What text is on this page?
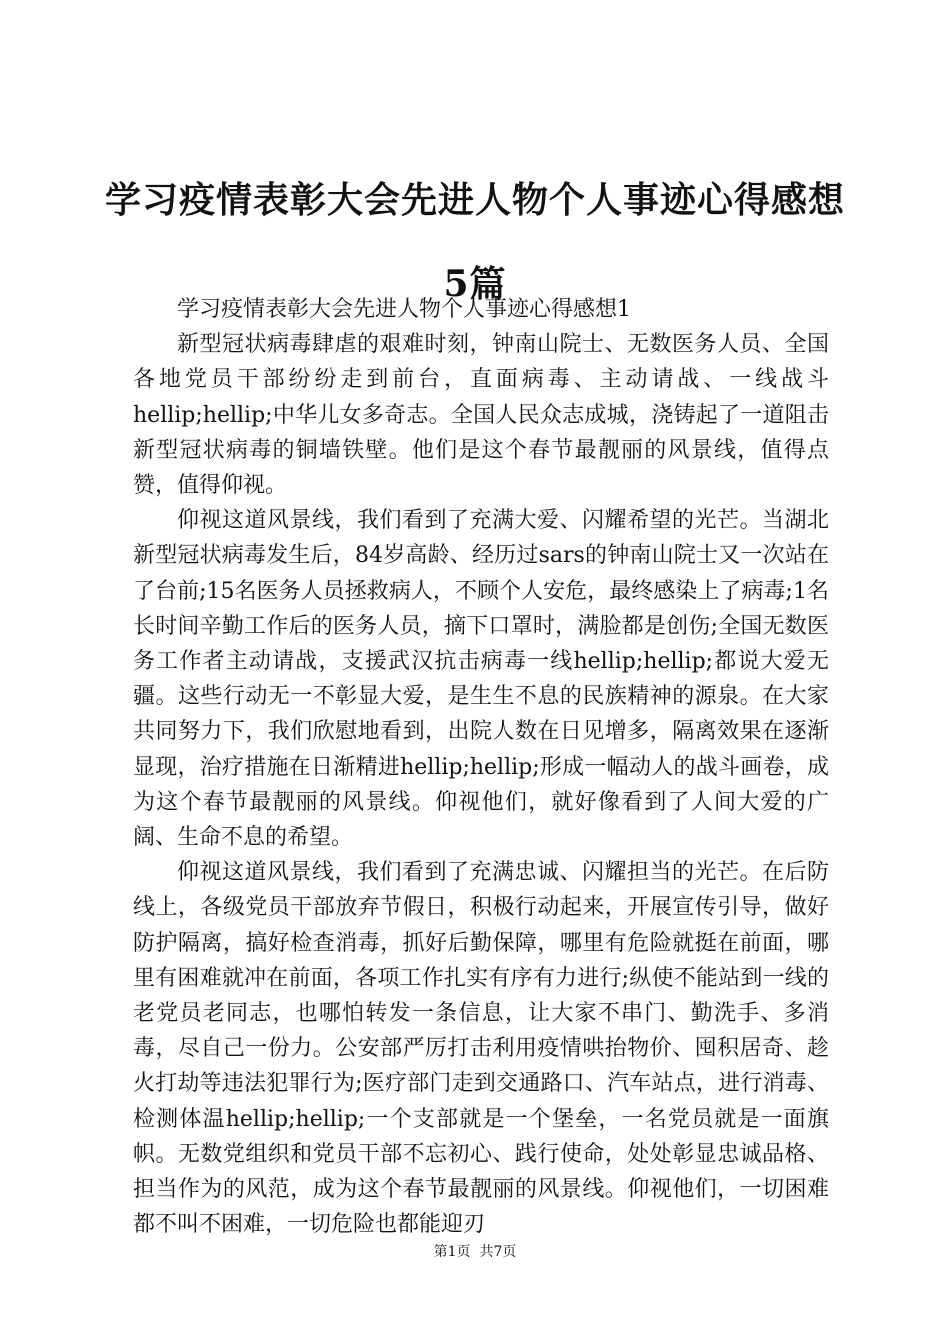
学习疫情表彰大会先进人物个人事迹心得感想5篇

学习疫情表彰大会先进人物个人事迹心得感想1

新型冠状病毒肆虐的艰难时刻，钟南山院士、无数医务人员、全国各地党员干部纷纷走到前台，直面病毒、主动请战、一线战斗hellip;hellip;中华儿女多奇志。全国人民众志成城，浇铸起了一道阻击新型冠状病毒的铜墙铁壁。他们是这个春节最靓丽的风景线，值得点赞，值得仰视。

仰视这道风景线，我们看到了充满大爱、闪耀希望的光芒。当湖北新型冠状病毒发生后，84岁高龄、经历过sars的钟南山院士又一次站在了台前;15名医务人员拯救病人，不顾个人安危，最终感染上了病毒;1名长时间辛勤工作后的医务人员，摘下口罩时，满脸都是创伤;全国无数医务工作者主动请战，支援武汉抗击病毒一线hellip;hellip;都说大爱无疆。这些行动无一不彰显大爱，是生生不息的民族精神的源泉。在大家共同努力下，我们欣慰地看到，出院人数在日见增多，隔离效果在逐渐显现，治疗措施在日渐精进hellip;hellip;形成一幅动人的战斗画卷，成为这个春节最靓丽的风景线。仰视他们，就好像看到了人间大爱的广阔、生命不息的希望。

仰视这道风景线，我们看到了充满忠诚、闪耀担当的光芒。在后防线上，各级党员干部放弃节假日，积极行动起来，开展宣传引导，做好防护隔离，搞好检查消毒，抓好后勤保障，哪里有危险就挺在前面，哪里有困难就冲在前面，各项工作扎实有序有力进行;纵使不能站到一线的老党员老同志，也哪怕转发一条信息，让大家不串门、勤洗手、多消毒，尽自己一份力。公安部严厉打击利用疫情哄抬物价、囤积居奇、趁火打劫等违法犯罪行为;医疗部门走到交通路口、汽车站点，进行消毒、检测体温hellip;hellip;一个支部就是一个堡垒，一名党员就是一面旗帜。无数党组织和党员干部不忘初心、践行使命，处处彰显忠诚品格、担当作为的风范，成为这个春节最靓丽的风景线。仰视他们，一切困难都不叫不困难，一切危险也都能迎刃

第1页  共7页
